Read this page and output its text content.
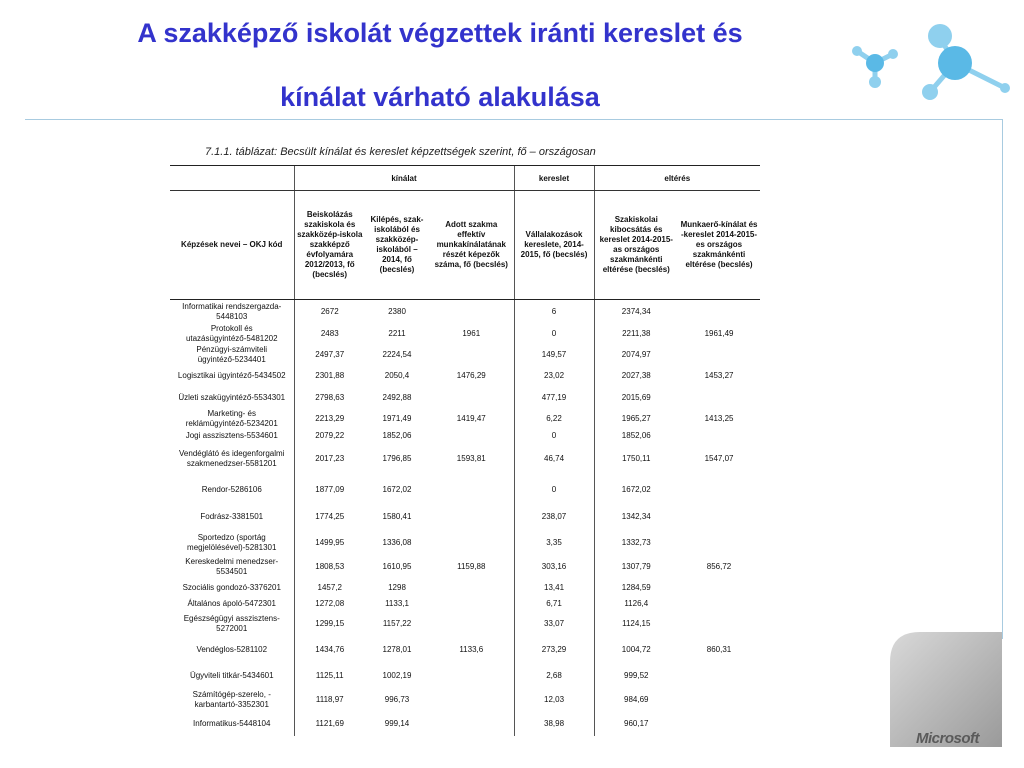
A szakképző iskolát végzettek iránti kereslet és
kínálat várható alakulása
7.1.1. táblázat: Becsült kínálat és kereslet képzettségek szerint, fő – országosan
	kínálat			kereslet	eltérés	
Képzések nevei – OKJ kód	Beiskolázás szakiskola és szakközép-iskola szakképző évfolyamára 2012/2013, fő (becslés)	Kilépés, szak-iskolából és szakközép-iskolából – 2014, fő (becslés)	Adott szakma effektív munkakínálatának részét képezők száma, fő (becslés)	Vállalakozások kereslete, 2014-2015, fő (becslés)	Szakiskolai kibocsátás és kereslet 2014-2015-as országos szakmánkénti eltérése (becslés)	Munkaerő-kínálat és -kereslet 2014-2015-es országos szakmánkénti eltérése (becslés)
Informatikai rendszergazda-5448103	2672	2380		6	2374,34	
Protokoll és utazásügyintéző-5481202	2483	2211	1961	0	2211,38	1961,49
Pénzügyi-számviteli ügyintéző-5234401	2497,37	2224,54		149,57	2074,97	
Logisztikai ügyintéző-5434502	2301,88	2050,4	1476,29	23,02	2027,38	1453,27
Üzleti szakügyintéző-5534301	2798,63	2492,88		477,19	2015,69	
Marketing- és reklámügyintéző-5234201	2213,29	1971,49	1419,47	6,22	1965,27	1413,25
Jogi asszisztens-5534601	2079,22	1852,06		0	1852,06	
Vendéglátó és idegenforgalmi szakmenedzser-5581201	2017,23	1796,85	1593,81	46,74	1750,11	1547,07
Rendor-5286106	1877,09	1672,02		0	1672,02	
Fodrász-3381501	1774,25	1580,41		238,07	1342,34	
Sportedzo (sportág megjelölésével)-5281301	1499,95	1336,08		3,35	1332,73	
Kereskedelmi menedzser-5534501	1808,53	1610,95	1159,88	303,16	1307,79	856,72
Szociális gondozó-3376201	1457,2	1298		13,41	1284,59	
Általános ápoló-5472301	1272,08	1133,1		6,71	1126,4	
Egészségügyi asszisztens-5272001	1299,15	1157,22		33,07	1124,15	
Vendéglos-5281102	1434,76	1278,01	1133,6	273,29	1004,72	860,31
Ügyviteli titkár-5434601	1125,11	1002,19		2,68	999,52	
Számítógép-szerelo, -karbantartó-3352301	1118,97	996,73		12,03	984,69	
Informatikus-5448104	1121,69	999,14		38,98	960,17	
Microsoft
